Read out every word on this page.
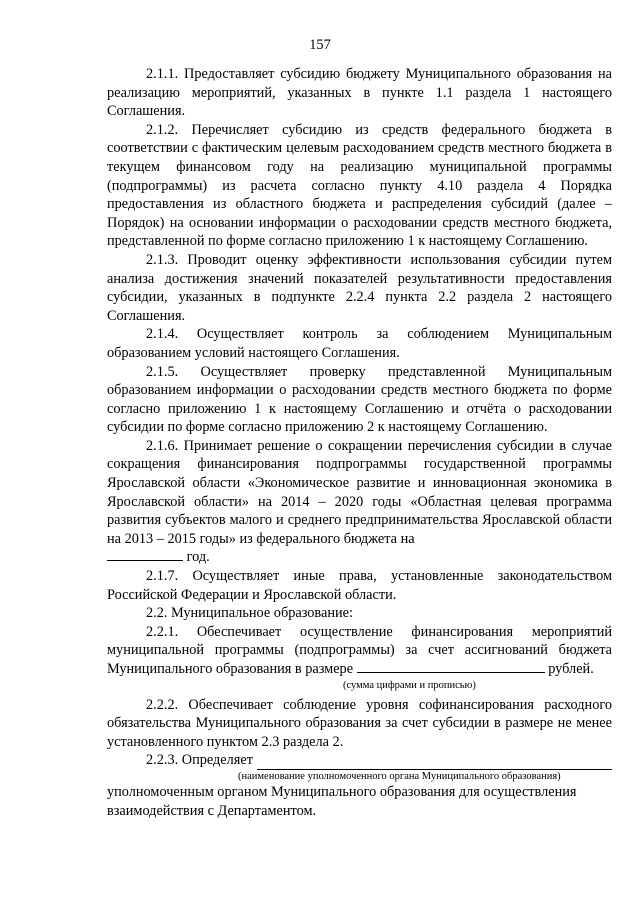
157

2.1.1. Предоставляет субсидию бюджету Муниципального образования на реализацию мероприятий, указанных в пункте 1.1 раздела 1 настоящего Соглашения.

2.1.2. Перечисляет субсидию из средств федерального бюджета в соответствии с фактическим целевым расходованием средств местного бюджета в текущем финансовом году на реализацию муниципальной программы (подпрограммы) из расчета согласно пункту 4.10 раздела 4 Порядка предоставления из областного бюджета и распределения субсидий (далее – Порядок) на основании информации о расходовании средств местного бюджета, представленной по форме согласно приложению 1 к настоящему Соглашению.

2.1.3. Проводит оценку эффективности использования субсидии путем анализа достижения значений показателей результативности предоставления субсидии, указанных в подпункте 2.2.4 пункта 2.2 раздела 2 настоящего Соглашения.

2.1.4. Осуществляет контроль за соблюдением Муниципальным образованием условий настоящего Соглашения.

2.1.5. Осуществляет проверку представленной Муниципальным образованием информации о расходовании средств местного бюджета по форме согласно приложению 1 к настоящему Соглашению и отчёта о расходовании субсидии по форме согласно приложению 2 к настоящему Соглашению.

2.1.6. Принимает решение о сокращении перечисления субсидии в случае сокращения финансирования подпрограммы государственной программы Ярославской области «Экономическое развитие и инновационная экономика в Ярославской области» на 2014 – 2020 годы «Областная целевая программа развития субъектов малого и среднего предпринимательства Ярославской области на 2013 – 2015 годы» из федерального бюджета на
год.

2.1.7. Осуществляет иные права, установленные законодательством Российской Федерации и Ярославской области.

2.2. Муниципальное образование:

2.2.1. Обеспечивает осуществление финансирования мероприятий муниципальной программы (подпрограммы) за счет ассигнований бюджета Муниципального образования в размере	рублей.

(сумма цифрами и прописью)

2.2.2. Обеспечивает соблюдение уровня софинансирования расходного обязательства Муниципального образования за счет субсидии в размере не менее установленного пунктом 2.3 раздела 2.

2.2.3. Определяет

(наименование уполномоченного органа Муниципального образования)

уполномоченным органом Муниципального образования для осуществления взаимодействия с Департаментом.
